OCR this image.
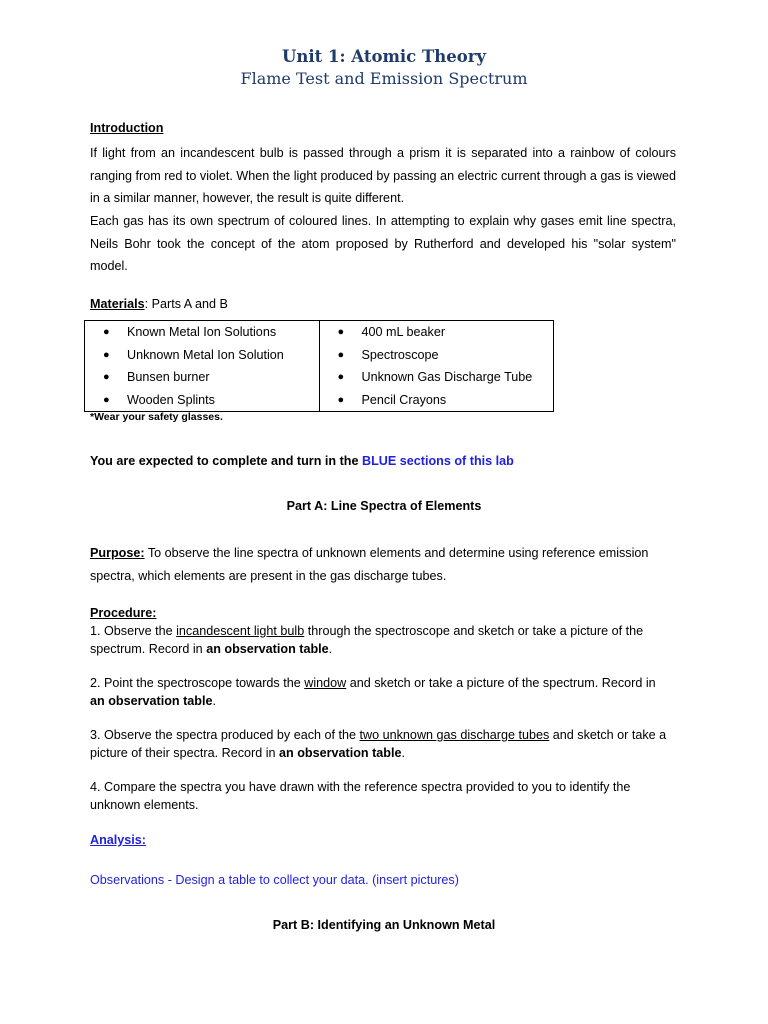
Unit 1: Atomic Theory
Flame Test and Emission Spectrum
Introduction
If light from an incandescent bulb is passed through a prism it is separated into a rainbow of colours ranging from red to violet. When the light produced by passing an electric current through a gas is viewed in a similar manner, however, the result is quite different.
Each gas has its own spectrum of coloured lines. In attempting to explain why gases emit line spectra, Neils Bohr took the concept of the atom proposed by Rutherford and developed his "solar system" model.
Materials: Parts A and B
● Known Metal Ion Solutions
● Unknown Metal Ion Solution
● Bunsen burner
● Wooden Splints

● 400 mL beaker
● Spectroscope
● Unknown Gas Discharge Tube
● Pencil Crayons
*Wear your safety glasses.
You are expected to complete and turn in the BLUE sections of this lab
Part A: Line Spectra of Elements
Purpose: To observe the line spectra of unknown elements and determine using reference emission spectra, which elements are present in the gas discharge tubes.
Procedure:
1. Observe the incandescent light bulb through the spectroscope and sketch or take a picture of the
spectrum. Record in an observation table.
2. Point the spectroscope towards the window and sketch or take a picture of the spectrum. Record in
an observation table.
3. Observe the spectra produced by each of the two unknown gas discharge tubes and sketch or take a
picture of their spectra. Record in an observation table.
4. Compare the spectra you have drawn with the reference spectra provided to you to identify the
unknown elements.
Analysis:
Observations - Design a table to collect your data. (insert pictures)
Part B: Identifying an Unknown Metal
